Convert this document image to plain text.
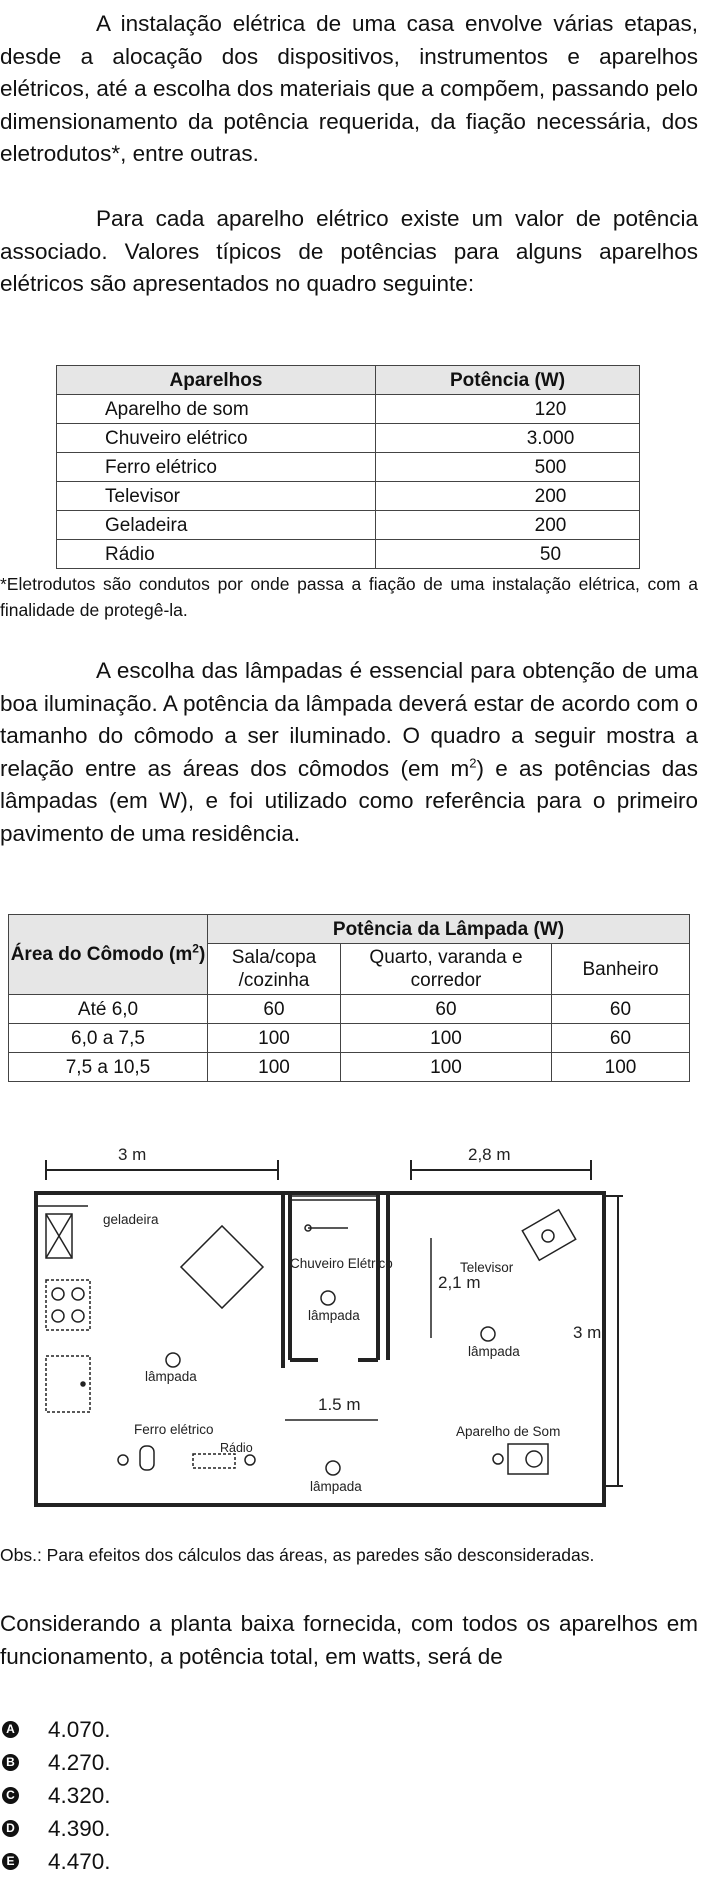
A instalação elétrica de uma casa envolve várias etapas, desde a alocação dos dispositivos, instrumentos e aparelhos elétricos, até a escolha dos materiais que a compõem, passando pelo dimensionamento da potência requerida, da fiação necessária, dos eletrodutos*, entre outras.

Para cada aparelho elétrico existe um valor de potência associado. Valores típicos de potências para alguns aparelhos elétricos são apresentados no quadro seguinte:

Aparelhos	Potência (W)
Aparelho de som	120
Chuveiro elétrico	3.000
Ferro elétrico	500
Televisor	200
Geladeira	200
Rádio	50

*Eletrodutos são condutos por onde passa a fiação de uma instalação elétrica, com a finalidade de protegê-la.

A escolha das lâmpadas é essencial para obtenção de uma boa iluminação. A potência da lâmpada deverá estar de acordo com o tamanho do cômodo a ser iluminado. O quadro a seguir mostra a relação entre as áreas dos cômodos (em $m^2$) e as potências das lâmpadas (em W), e foi utilizado como referência para o primeiro pavimento de uma residência.

Área do Cômodo $(m^2)$	Potência da Lâmpada (W)		
	Sala/copa /cozinha	Quarto, varanda e corredor	Banheiro
Até 6,0	60	60	60
6,0 a 7,5	100	100	60
7,5 a 10,5	100	100	100
3 m	2,8 m
3 m
2,1 m
1.5 m
geladeira
Chuveiro Elétrico	Televisor
lâmpada
lâmpada
lâmpada
lâmpada
Ferro elétrico
Rádio
Aparelho de Som

Obs.: Para efeitos dos cálculos das áreas, as paredes são desconsideradas.

Considerando a planta baixa fornecida, com todos os aparelhos em funcionamento, a potência total, em watts, será de

A 4.070.
B 4.270.
C 4.320.
D 4.390.
E 4.470.
